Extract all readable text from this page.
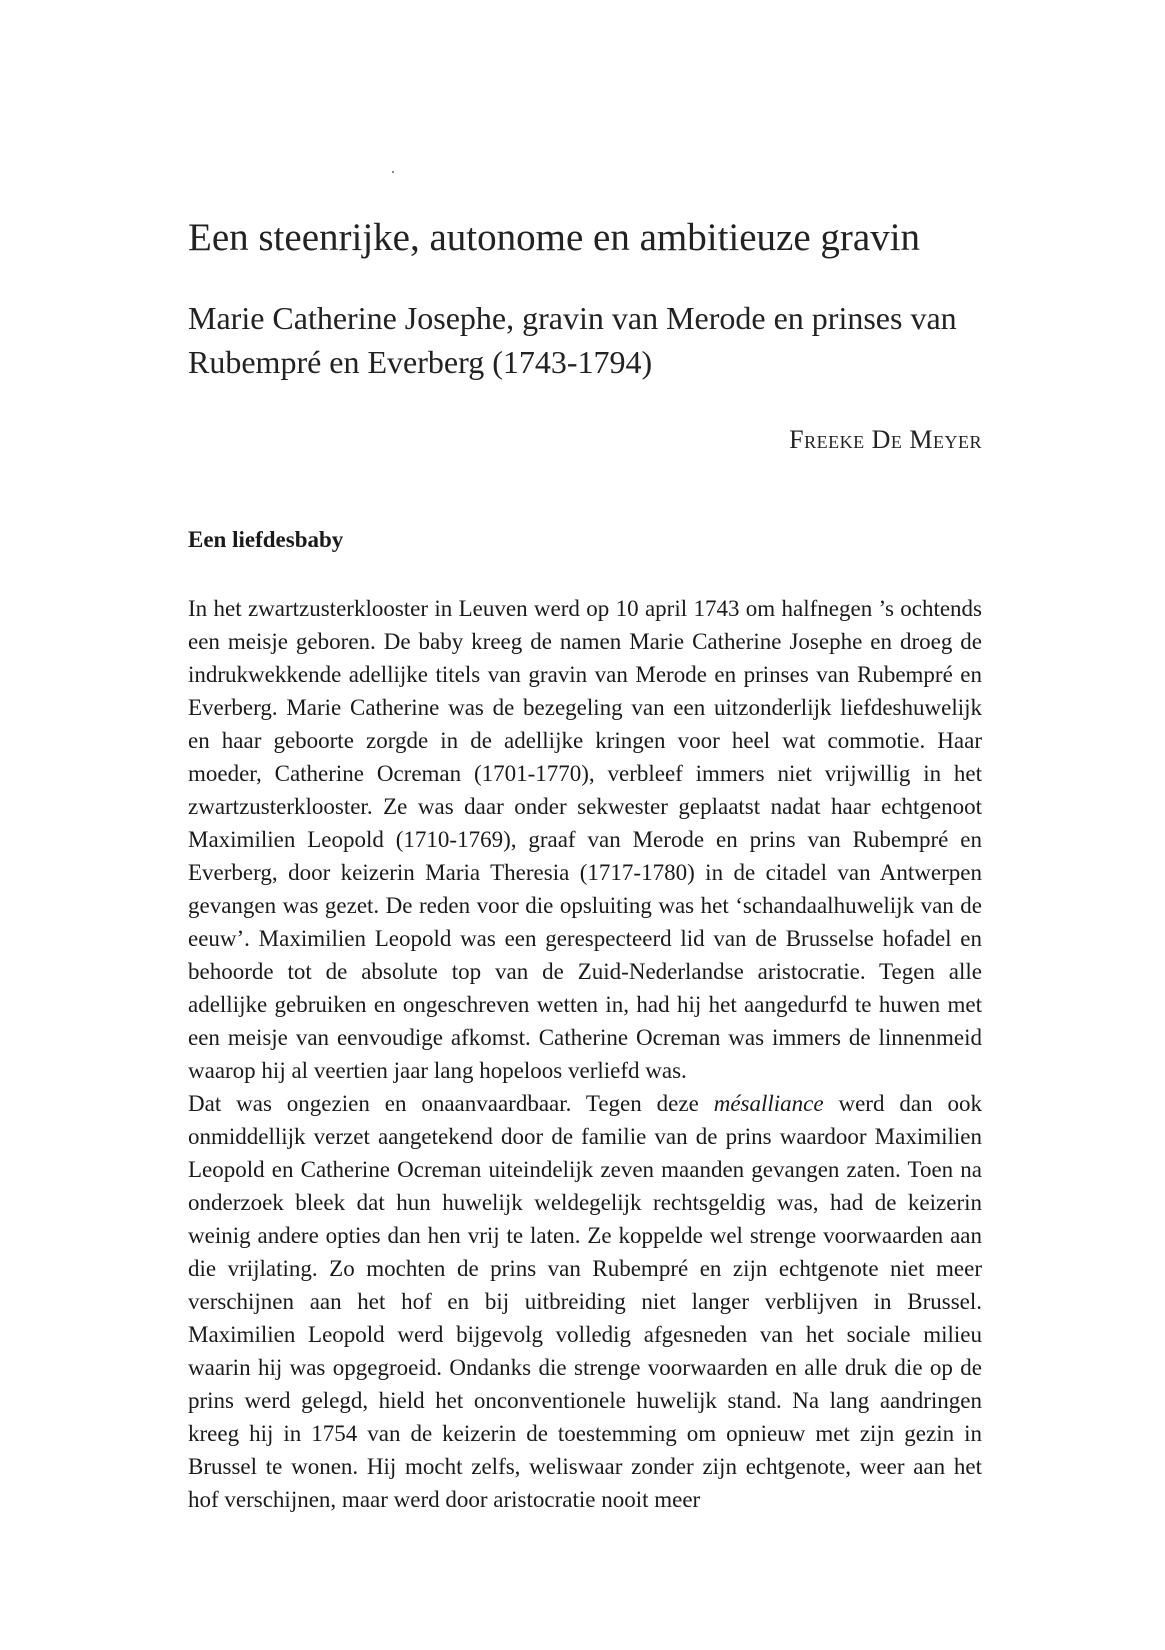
Een steenrijke, autonome en ambitieuze gravin
Marie Catherine Josephe, gravin van Merode en prinses van Rubempré en Everberg (1743-1794)
Freeke De Meyer
Een liefdesbaby

In het zwartzusterklooster in Leuven werd op 10 april 1743 om halfnegen ’s ochtends een meisje geboren. De baby kreeg de namen Marie Catherine Josephe en droeg de indrukwekkende adellijke titels van gravin van Merode en prinses van Rubempré en Everberg. Marie Catherine was de bezegeling van een uitzonderlijk liefdeshuwelijk en haar geboorte zorgde in de adellijke kringen voor heel wat commotie. Haar moeder, Catherine Ocreman (1701-1770), verbleef immers niet vrijwillig in het zwartzusterklooster. Ze was daar onder sekwester geplaatst nadat haar echtgenoot Maximilien Leopold (1710-1769), graaf van Merode en prins van Rubempré en Everberg, door keizerin Maria Theresia (1717-1780) in de citadel van Antwerpen gevangen was gezet. De reden voor die opsluiting was het ‘schandaalhuwelijk van de eeuw’. Maximilien Leopold was een gerespecteerd lid van de Brusselse hofadel en behoorde tot de absolute top van de Zuid-Nederlandse aristocratie. Tegen alle adellijke gebruiken en ongeschreven wetten in, had hij het aangedurfd te huwen met een meisje van eenvoudige afkomst. Catherine Ocreman was immers de linnenmeid waarop hij al veertien jaar lang hopeloos verliefd was.

Dat was ongezien en onaanvaardbaar. Tegen deze mésalliance werd dan ook onmiddellijk verzet aangetekend door de familie van de prins waardoor Maximilien Leopold en Catherine Ocreman uiteindelijk zeven maanden gevangen zaten. Toen na onderzoek bleek dat hun huwelijk weldegelijk rechtsgeldig was, had de keizerin weinig andere opties dan hen vrij te laten. Ze koppelde wel strenge voorwaarden aan die vrijlating. Zo mochten de prins van Rubempré en zijn echtgenote niet meer verschijnen aan het hof en bij uitbreiding niet langer verblijven in Brussel. Maximilien Leopold werd bijgevolg volledig afgesneden van het sociale milieu waarin hij was opgegroeid. Ondanks die strenge voorwaarden en alle druk die op de prins werd gelegd, hield het onconventionele huwelijk stand. Na lang aandringen kreeg hij in 1754 van de keizerin de toestemming om opnieuw met zijn gezin in Brussel te wonen. Hij mocht zelfs, weliswaar zonder zijn echtgenote, weer aan het hof verschijnen, maar werd door aristocratie nooit meer
